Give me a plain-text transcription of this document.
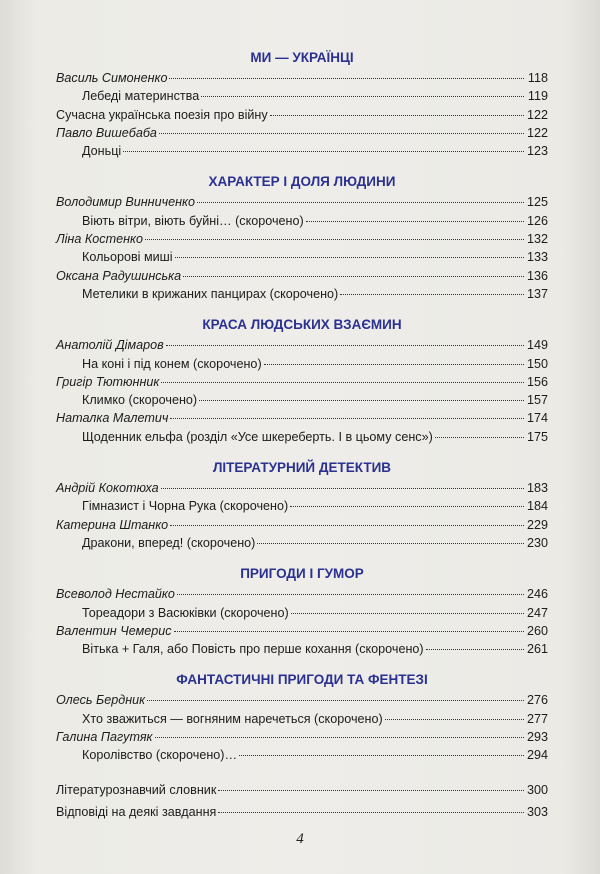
МИ — УКРАЇНЦІ
Василь Симоненко	118
Лебеді материнства	119
Сучасна українська поезія про війну	122
Павло Вишебаба	122
Доньці	123
ХАРАКТЕР І ДОЛЯ ЛЮДИНИ
Володимир Винниченко	125
Віють вітри, віють буйні… (скорочено)	126
Ліна Костенко	132
Кольорові миші	133
Оксана Радушинська	136
Метелики в крижаних панцирах (скорочено)	137
КРАСА ЛЮДСЬКИХ ВЗАЄМИН
Анатолій Дімаров	149
На коні і під конем (скорочено)	150
Григір Тютюнник	156
Климко (скорочено)	157
Наталка Малетич	174
Щоденник ельфа (розділ «Усе шкереберть. І в цьому сенс»)	175
ЛІТЕРАТУРНИЙ ДЕТЕКТИВ
Андрій Кокотюха	183
Гімназист і Чорна Рука (скорочено)	184
Катерина Штанко	229
Дракони, вперед! (скорочено)	230
ПРИГОДИ І ГУМОР
Всеволод Нестайко	246
Тореадори з Васюківки (скорочено)	247
Валентин Чемерис	260
Вітька + Галя, або Повість про перше кохання (скорочено)	261
ФАНТАСТИЧНІ ПРИГОДИ ТА ФЕНТЕЗІ
Олесь Бердник	276
Хто зважиться — вогняним наречеться (скорочено)	277
Галина Пагутяк	293
Королівство (скорочено)…	294
Літературознавчий словник	300
Відповіді на деякі завдання	303
4
